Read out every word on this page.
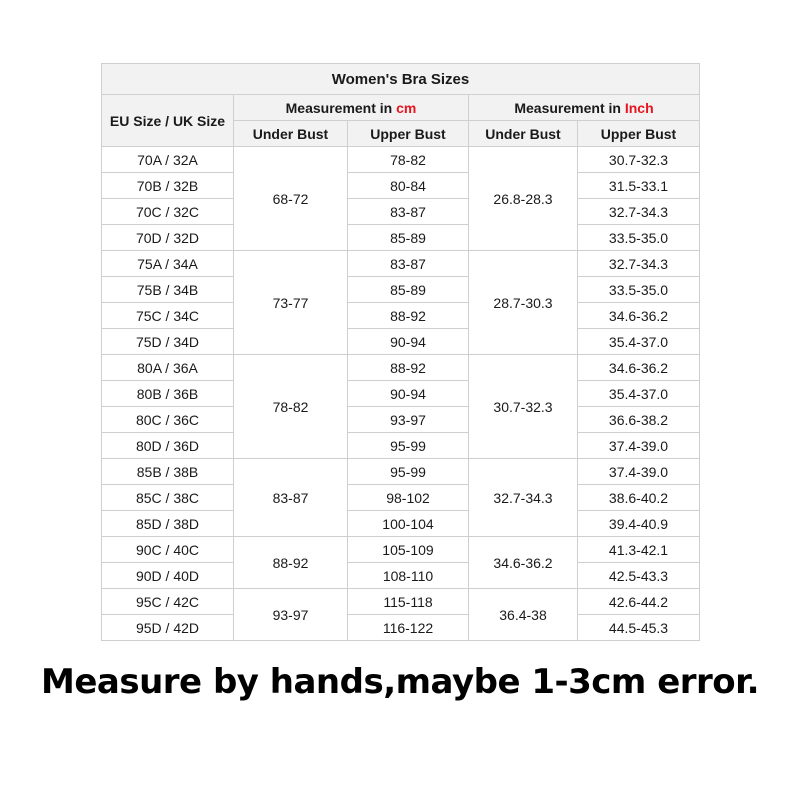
Women's Bra Sizes				
EU Size / UK Size	Measurement in cm		Measurement in Inch	
	Under Bust	Upper Bust	Under Bust	Upper Bust
70A / 32A	68-72	78-82	26.8-28.3	30.7-32.3
70B / 32B		80-84		31.5-33.1
70C / 32C		83-87		32.7-34.3
70D / 32D		85-89		33.5-35.0
75A / 34A	73-77	83-87	28.7-30.3	32.7-34.3
75B / 34B		85-89		33.5-35.0
75C / 34C		88-92		34.6-36.2
75D / 34D		90-94		35.4-37.0
80A / 36A	78-82	88-92	30.7-32.3	34.6-36.2
80B / 36B		90-94		35.4-37.0
80C / 36C		93-97		36.6-38.2
80D / 36D		95-99		37.4-39.0
85B / 38B	83-87	95-99	32.7-34.3	37.4-39.0
85C / 38C		98-102		38.6-40.2
85D / 38D		100-104		39.4-40.9
90C / 40C	88-92	105-109	34.6-36.2	41.3-42.1
90D / 40D		108-110		42.5-43.3
95C / 42C	93-97	115-118	36.4-38	42.6-44.2
95D / 42D		116-122		44.5-45.3
Measure by hands,maybe 1-3cm error.
